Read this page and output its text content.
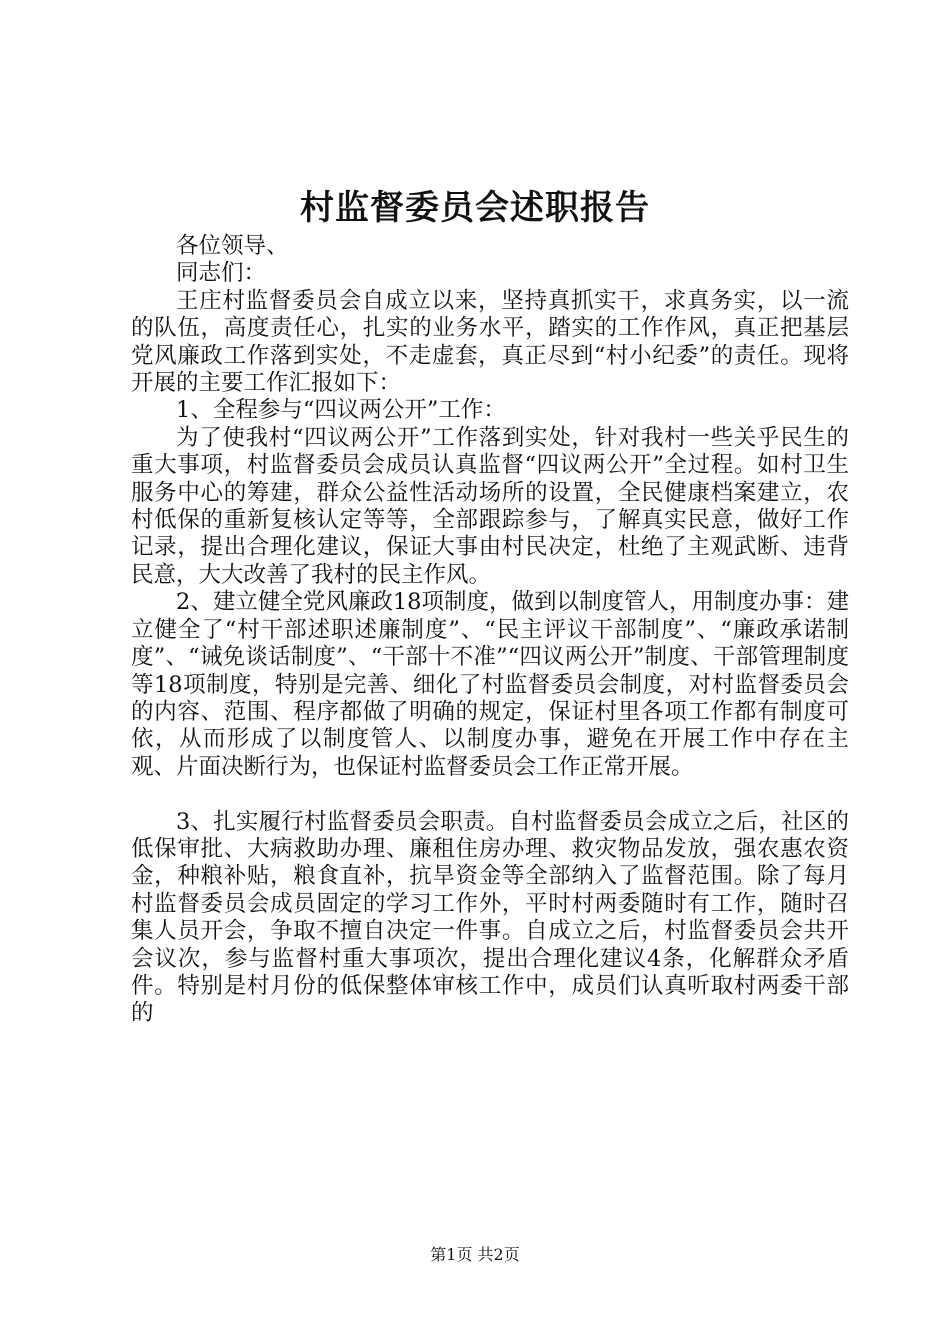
村监督委员会述职报告

各位领导、

同志们：

王庄村监督委员会自成立以来，坚持真抓实干，求真务实，以一流的队伍，高度责任心，扎实的业务水平，踏实的工作作风，真正把基层党风廉政工作落到实处，不走虚套，真正尽到“村小纪委”的责任。现将开展的主要工作汇报如下：

1、全程参与“四议两公开”工作：

为了使我村“四议两公开”工作落到实处，针对我村一些关乎民生的重大事项，村监督委员会成员认真监督“四议两公开”全过程。如村卫生服务中心的筹建，群众公益性活动场所的设置，全民健康档案建立，农村低保的重新复核认定等等，全部跟踪参与，了解真实民意，做好工作记录，提出合理化建议，保证大事由村民决定，杜绝了主观武断、违背民意，大大改善了我村的民主作风。

2、建立健全党风廉政18项制度，做到以制度管人，用制度办事：建立健全了“村干部述职述廉制度”、“民主评议干部制度”、“廉政承诺制度”、“诫免谈话制度”、“干部十不准”“四议两公开”制度、干部管理制度等18项制度，特别是完善、细化了村监督委员会制度，对村监督委员会的内容、范围、程序都做了明确的规定，保证村里各项工作都有制度可依，从而形成了以制度管人、以制度办事，避免在开展工作中存在主观、片面决断行为，也保证村监督委员会工作正常开展。

3、扎实履行村监督委员会职责。自村监督委员会成立之后，社区的低保审批、大病救助办理、廉租住房办理、救灾物品发放，强农惠农资金，种粮补贴，粮食直补，抗旱资金等全部纳入了监督范围。除了每月村监督委员会成员固定的学习工作外，平时村两委随时有工作，随时召集人员开会，争取不擅自决定一件事。自成立之后，村监督委员会共开会议次，参与监督村重大事项次，提出合理化建议4条，化解群众矛盾件。特别是村月份的低保整体审核工作中，成员们认真听取村两委干部的

第1页 共2页
